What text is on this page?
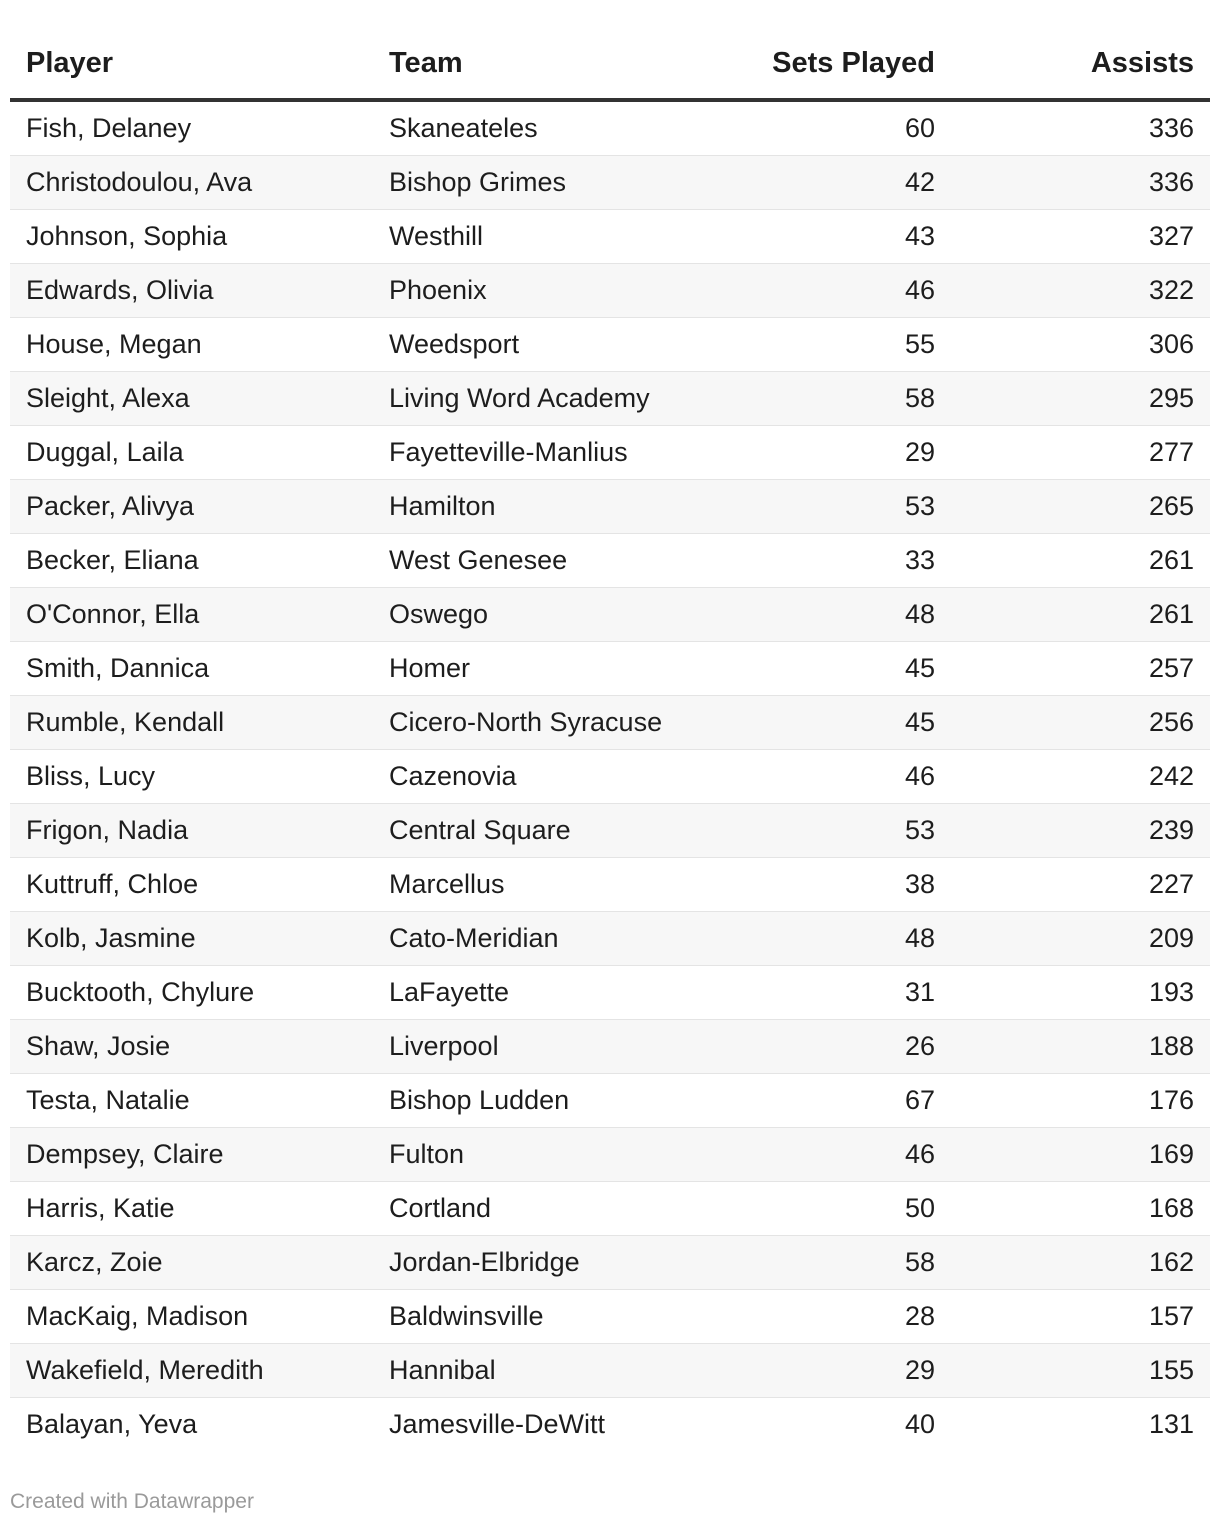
Player	Team	Sets Played	Assists
Fish, Delaney	Skaneateles	60	336
Christodoulou, Ava	Bishop Grimes	42	336
Johnson, Sophia	Westhill	43	327
Edwards, Olivia	Phoenix	46	322
House, Megan	Weedsport	55	306
Sleight, Alexa	Living Word Academy	58	295
Duggal, Laila	Fayetteville-Manlius	29	277
Packer, Alivya	Hamilton	53	265
Becker, Eliana	West Genesee	33	261
O'Connor, Ella	Oswego	48	261
Smith, Dannica	Homer	45	257
Rumble, Kendall	Cicero-North Syracuse	45	256
Bliss, Lucy	Cazenovia	46	242
Frigon, Nadia	Central Square	53	239
Kuttruff, Chloe	Marcellus	38	227
Kolb, Jasmine	Cato-Meridian	48	209
Bucktooth, Chylure	LaFayette	31	193
Shaw, Josie	Liverpool	26	188
Testa, Natalie	Bishop Ludden	67	176
Dempsey, Claire	Fulton	46	169
Harris, Katie	Cortland	50	168
Karcz, Zoie	Jordan-Elbridge	58	162
MacKaig, Madison	Baldwinsville	28	157
Wakefield, Meredith	Hannibal	29	155
Balayan, Yeva	Jamesville-DeWitt	40	131
Created with Datawrapper
